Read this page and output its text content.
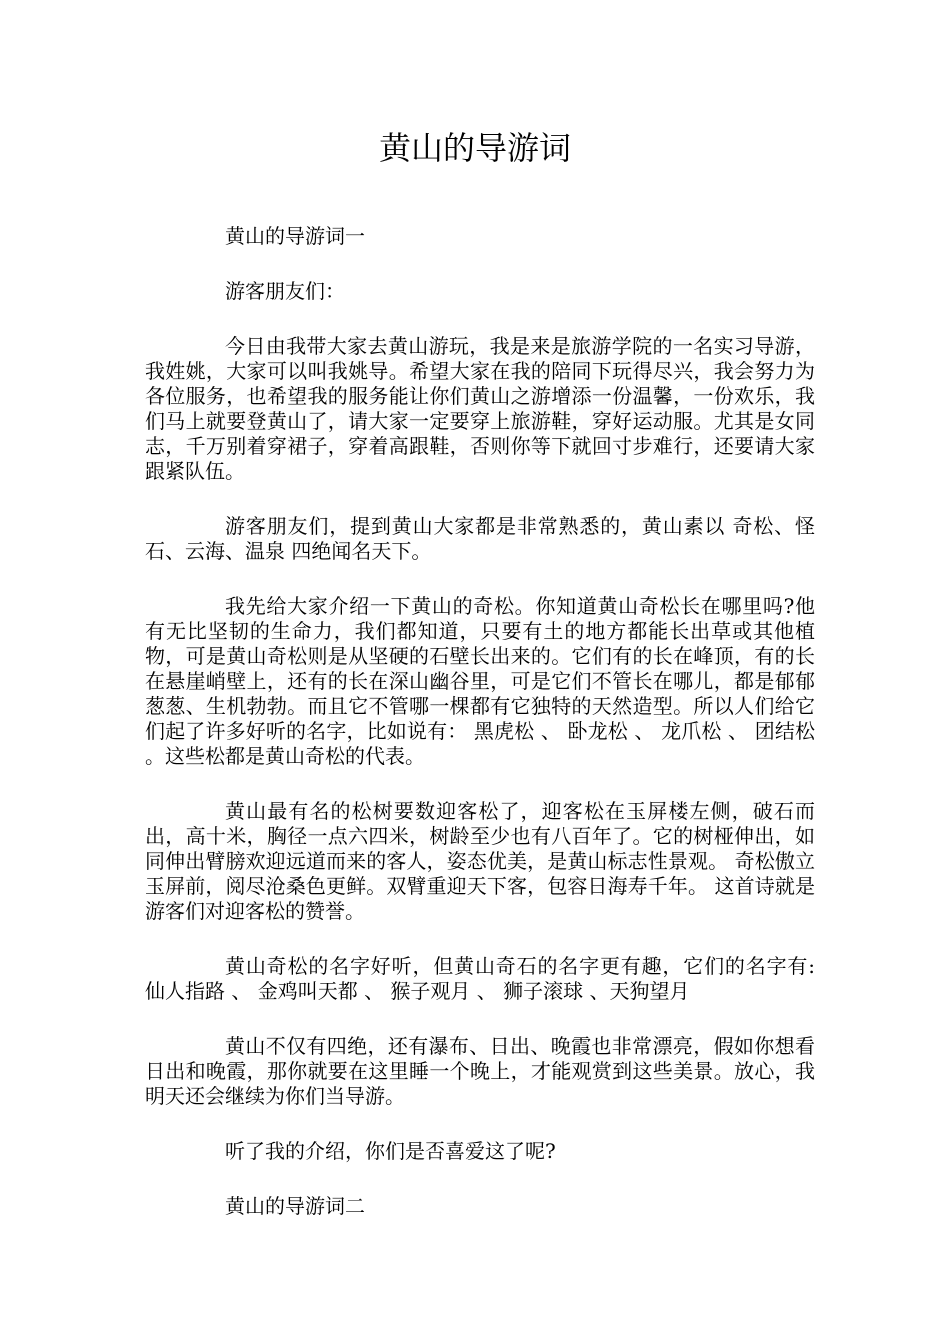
黄山的导游词

黄山的导游词一

游客朋友们：

今日由我带大家去黄山游玩，我是来是旅游学院的一名实习导游，我姓姚，大家可以叫我姚导。希望大家在我的陪同下玩得尽兴，我会努力为各位服务，也希望我的服务能让你们黄山之游增添一份温馨，一份欢乐，我们马上就要登黄山了，请大家一定要穿上旅游鞋，穿好运动服。尤其是女同志，千万别着穿裙子，穿着高跟鞋，否则你等下就回寸步难行，还要请大家跟紧队伍。

游客朋友们，提到黄山大家都是非常熟悉的，黄山素以 奇松、怪石、云海、温泉 四绝闻名天下。

我先给大家介绍一下黄山的奇松。你知道黄山奇松长在哪里吗?他有无比坚韧的生命力，我们都知道，只要有土的地方都能长出草或其他植物，可是黄山奇松则是从坚硬的石壁长出来的。它们有的长在峰顶，有的长在悬崖峭壁上，还有的长在深山幽谷里，可是它们不管长在哪儿，都是郁郁葱葱、生机勃勃。而且它不管哪一棵都有它独特的天然造型。所以人们给它们起了许多好听的名字，比如说有： 黑虎松 、 卧龙松 、 龙爪松 、 团结松 。这些松都是黄山奇松的代表。

黄山最有名的松树要数迎客松了，迎客松在玉屏楼左侧，破石而出，高十米，胸径一点六四米，树龄至少也有八百年了。它的树桠伸出，如同伸出臂膀欢迎远道而来的客人，姿态优美，是黄山标志性景观。 奇松傲立玉屏前，阅尽沧桑色更鲜。双臂重迎天下客，包容日海寿千年。 这首诗就是游客们对迎客松的赞誉。

黄山奇松的名字好听，但黄山奇石的名字更有趣，它们的名字有: 仙人指路 、 金鸡叫天都 、 猴子观月 、 狮子滚球 、天狗望月

黄山不仅有四绝，还有瀑布、日出、晚霞也非常漂亮，假如你想看日出和晚霞，那你就要在这里睡一个晚上，才能观赏到这些美景。放心，我明天还会继续为你们当导游。

听了我的介绍，你们是否喜爱这了呢?

黄山的导游词二
